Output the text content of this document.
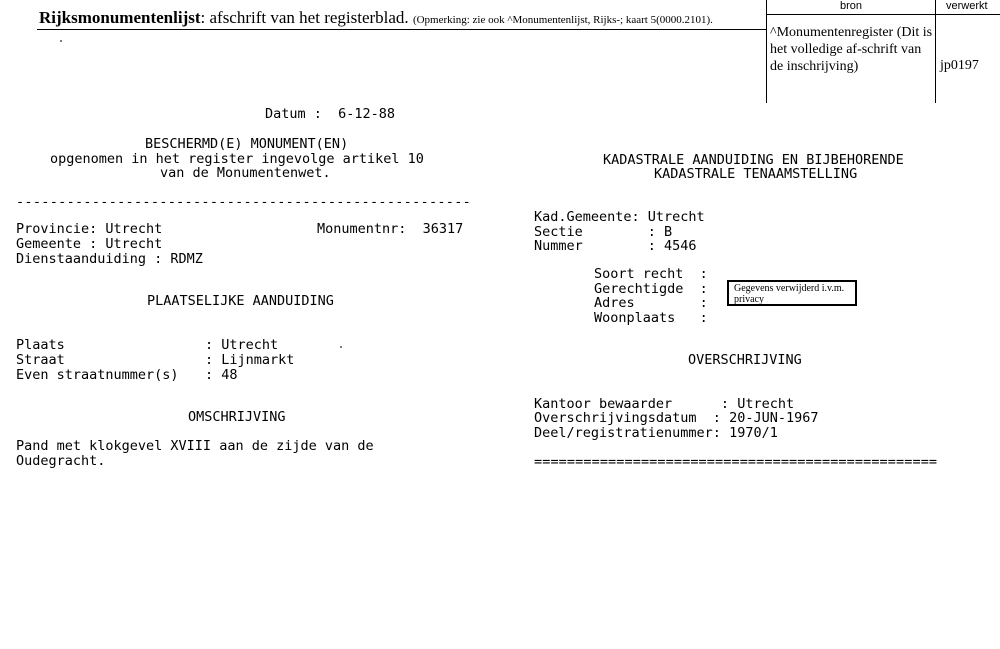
Rijksmonumentenlijst: afschrift van het registerblad. (Opmerking: zie ook ^Monumentenlijst, Rijks-; kaart 5(0000.2101).
bron	verwerkt
^Monumentenregister (Dit is het volledige af-schrift van de inschrijving)	jp0197
Datum :  6-12-88
BESCHERMD(E) MONUMENT(EN)
opgenomen in het register ingevolge artikel 10
van de Monumentenwet.
------------------------------------------------------
Provincie: Utrecht	Monumentnr:  36317
Gemeente : Utrecht
Dienstaanduiding : RDMZ
PLAATSELIJKE AANDUIDING
Plaats	: Utrecht
Straat	: Lijnmarkt
Even straatnummer(s) : 48
OMSCHRIJVING
Pand met klokgevel XVIII aan de zijde van de
Oudegracht.
KADASTRALE AANDUIDING EN BIJBEHORENDE
KADASTRALE TENAAMSTELLING
Kad.Gemeente: Utrecht
Sectie        : B
Nummer        : 4546
Soort recht  :
Gerechtigde  :
Adres        :
Woonplaats   :
Gegevens verwijderd i.v.m. privacy
OVERSCHRIJVING
Kantoor bewaarder      : Utrecht
Overschrijvingsdatum  : 20-JUN-1967
Deel/registratienummer: 1970/1
=================================================
